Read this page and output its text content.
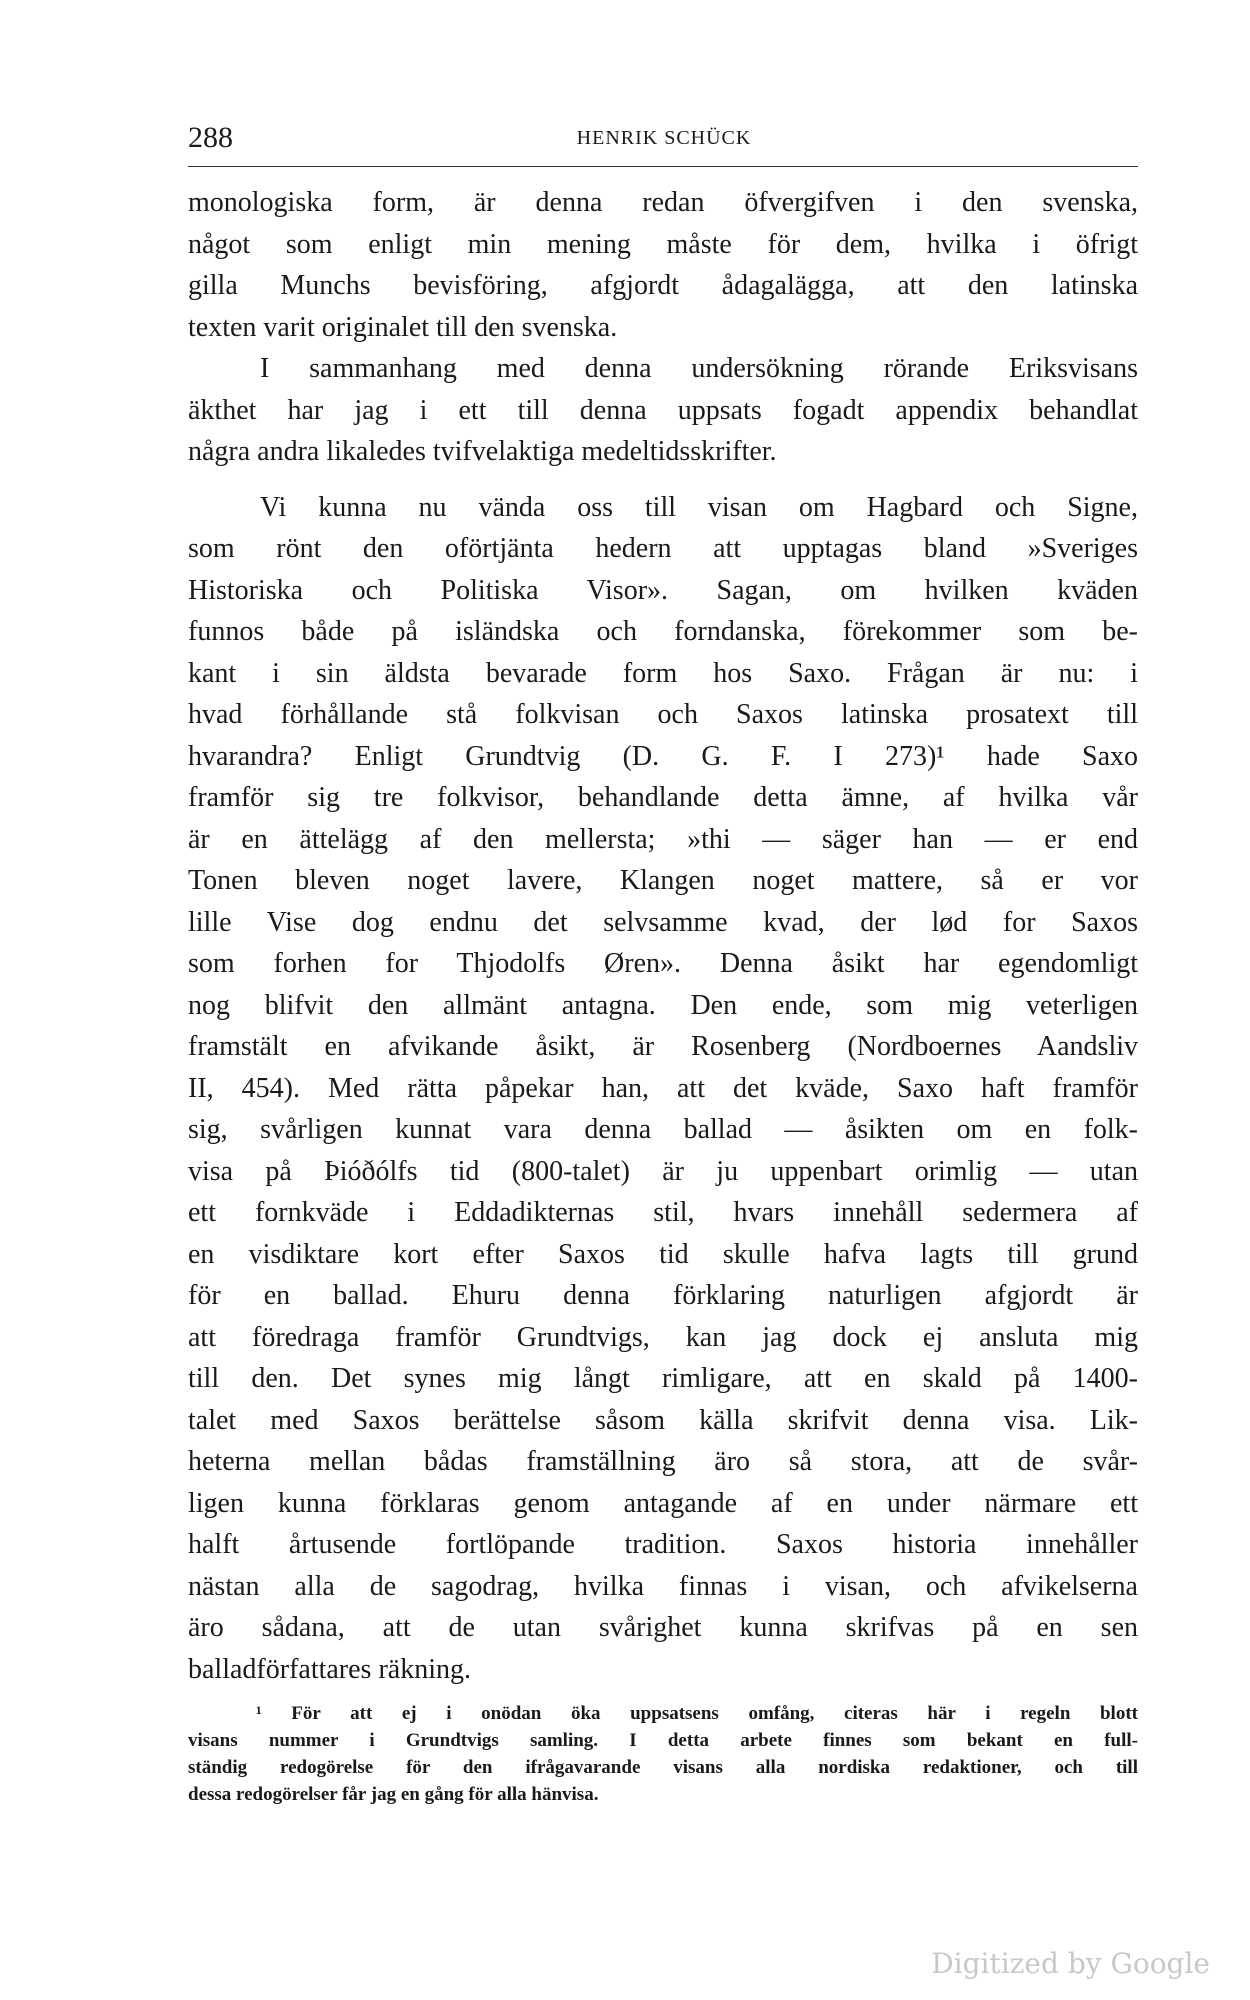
288	HENRIK SCHÜCK
monologiska form, är denna redan öfvergifven i den svenska,
något som enligt min mening måste för dem, hvilka i öfrigt
gilla Munchs bevisföring, afgjordt ådagalägga, att den latinska
texten varit originalet till den svenska.
I sammanhang med denna undersökning rörande Eriksvisans
äkthet har jag i ett till denna uppsats fogadt appendix behandlat
några andra likaledes tvifvelaktiga medeltidsskrifter.
Vi kunna nu vända oss till visan om Hagbard och Signe,
som rönt den oförtjänta hedern att upptagas bland »Sveriges
Historiska och Politiska Visor». Sagan, om hvilken kväden
funnos både på isländska och forndanska, förekommer som be-
kant i sin äldsta bevarade form hos Saxo. Frågan är nu: i
hvad förhållande stå folkvisan och Saxos latinska prosatext till
hvarandra? Enligt Grundtvig (D. G. F. I 273)¹ hade Saxo
framför sig tre folkvisor, behandlande detta ämne, af hvilka vår
är en ättelägg af den mellersta; »thi — säger han — er end
Tonen bleven noget lavere, Klangen noget mattere, så er vor
lille Vise dog endnu det selvsamme kvad, der lød for Saxos
som forhen for Thjodolfs Øren». Denna åsikt har egendomligt
nog blifvit den allmänt antagna. Den ende, som mig veterligen
framstält en afvikande åsikt, är Rosenberg (Nordboernes Aandsliv
II, 454). Med rätta påpekar han, att det kväde, Saxo haft framför
sig, svårligen kunnat vara denna ballad — åsikten om en folk-
visa på Þióðólfs tid (800-talet) är ju uppenbart orimlig — utan
ett fornkväde i Eddadikternas stil, hvars innehåll sedermera af
en visdiktare kort efter Saxos tid skulle hafva lagts till grund
för en ballad. Ehuru denna förklaring naturligen afgjordt är
att föredraga framför Grundtvigs, kan jag dock ej ansluta mig
till den. Det synes mig långt rimligare, att en skald på 1400-
talet med Saxos berättelse såsom källa skrifvit denna visa. Lik-
heterna mellan bådas framställning äro så stora, att de svår-
ligen kunna förklaras genom antagande af en under närmare ett
halft årtusende fortlöpande tradition. Saxos historia innehåller
nästan alla de sagodrag, hvilka finnas i visan, och afvikelserna
äro sådana, att de utan svårighet kunna skrifvas på en sen
balladförfattares räkning.
¹ För att ej i onödan öka uppsatsens omfång, citeras här i regeln blott
visans nummer i Grundtvigs samling. I detta arbete finnes som bekant en full-
ständig redogörelse för den ifrågavarande visans alla nordiska redaktioner, och till
dessa redogörelser får jag en gång för alla hänvisa.
Digitized by Google
